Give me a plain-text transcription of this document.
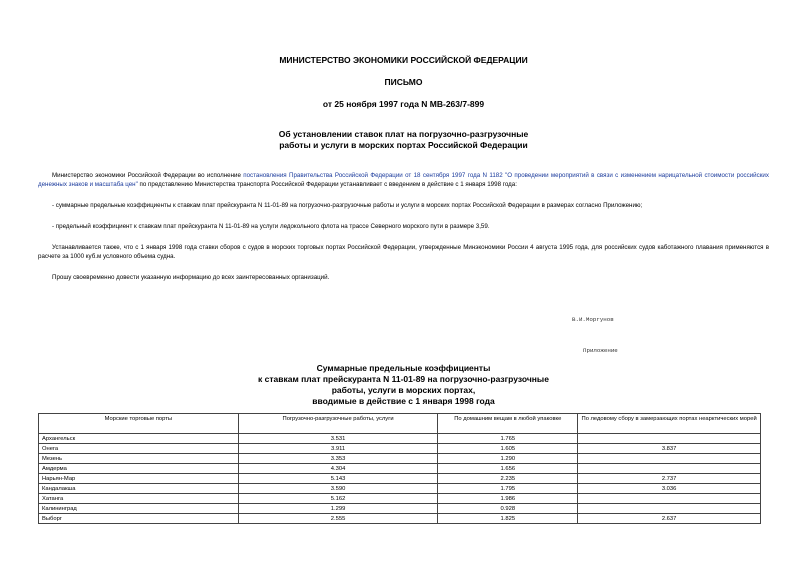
МИНИСТЕРСТВО ЭКОНОМИКИ РОССИЙСКОЙ ФЕДЕРАЦИИ
ПИСЬМО
от 25 ноября 1997 года N МВ-263/7-899
Об установлении ставок плат на погрузочно-разгрузочные
работы и услуги в морских портах Российской Федерации
Министерство экономики Российской Федерации во исполнение постановления Правительства Российской Федерации от 18 сентября 1997 года N 1182 "О проведении мероприятий в связи с изменением нарицательной стоимости российских денежных знаков и масштаба цен" по представлению Министерства транспорта Российской Федерации устанавливает с введением в действие с 1 января 1998 года:
- суммарные предельные коэффициенты к ставкам плат прейскуранта N 11-01-89 на погрузочно-разгрузочные работы и услуги в морских портах Российской Федерации в размерах согласно Приложению;
- предельный коэффициент к ставкам плат прейскуранта N 11-01-89 на услуги ледокольного флота на трассе Северного морского пути в размере 3,59.
Устанавливается также, что с 1 января 1998 года ставки сборов с судов в морских торговых портах Российской Федерации, утвержденные Минэкономики России 4 августа 1995 года, для российских судов каботажного плавания применяются в расчете за 1000 куб.м условного объема судна.
Прошу своевременно довести указанную информацию до всех заинтересованных организаций.
В.И.Моргунов
Приложение
Суммарные предельные коэффициенты
к ставкам плат прейскуранта N 11-01-89 на погрузочно-разгрузочные
работы, услуги в морских портах,
вводимые в действие с 1 января 1998 года
Морские торговые порты	Погрузочно-разгрузочные работы, услуги	По домашним вещам в любой упаковке	По ледовому сбору в замерзающих портах неарктических морей
Архангельск	3.531	1.765	
Онега	3.911	1.605	3.837
Мезень	3.353	1.290	
Амдерма	4.304	1.656	
Нарьян-Мар	5.143	2.235	2.737
Кандалакша	3.590	1.795	3.036
Хатанга	5.162	1.986	
Калининград	1.299	0.928	
Выборг	2.555	1.825	2.637
